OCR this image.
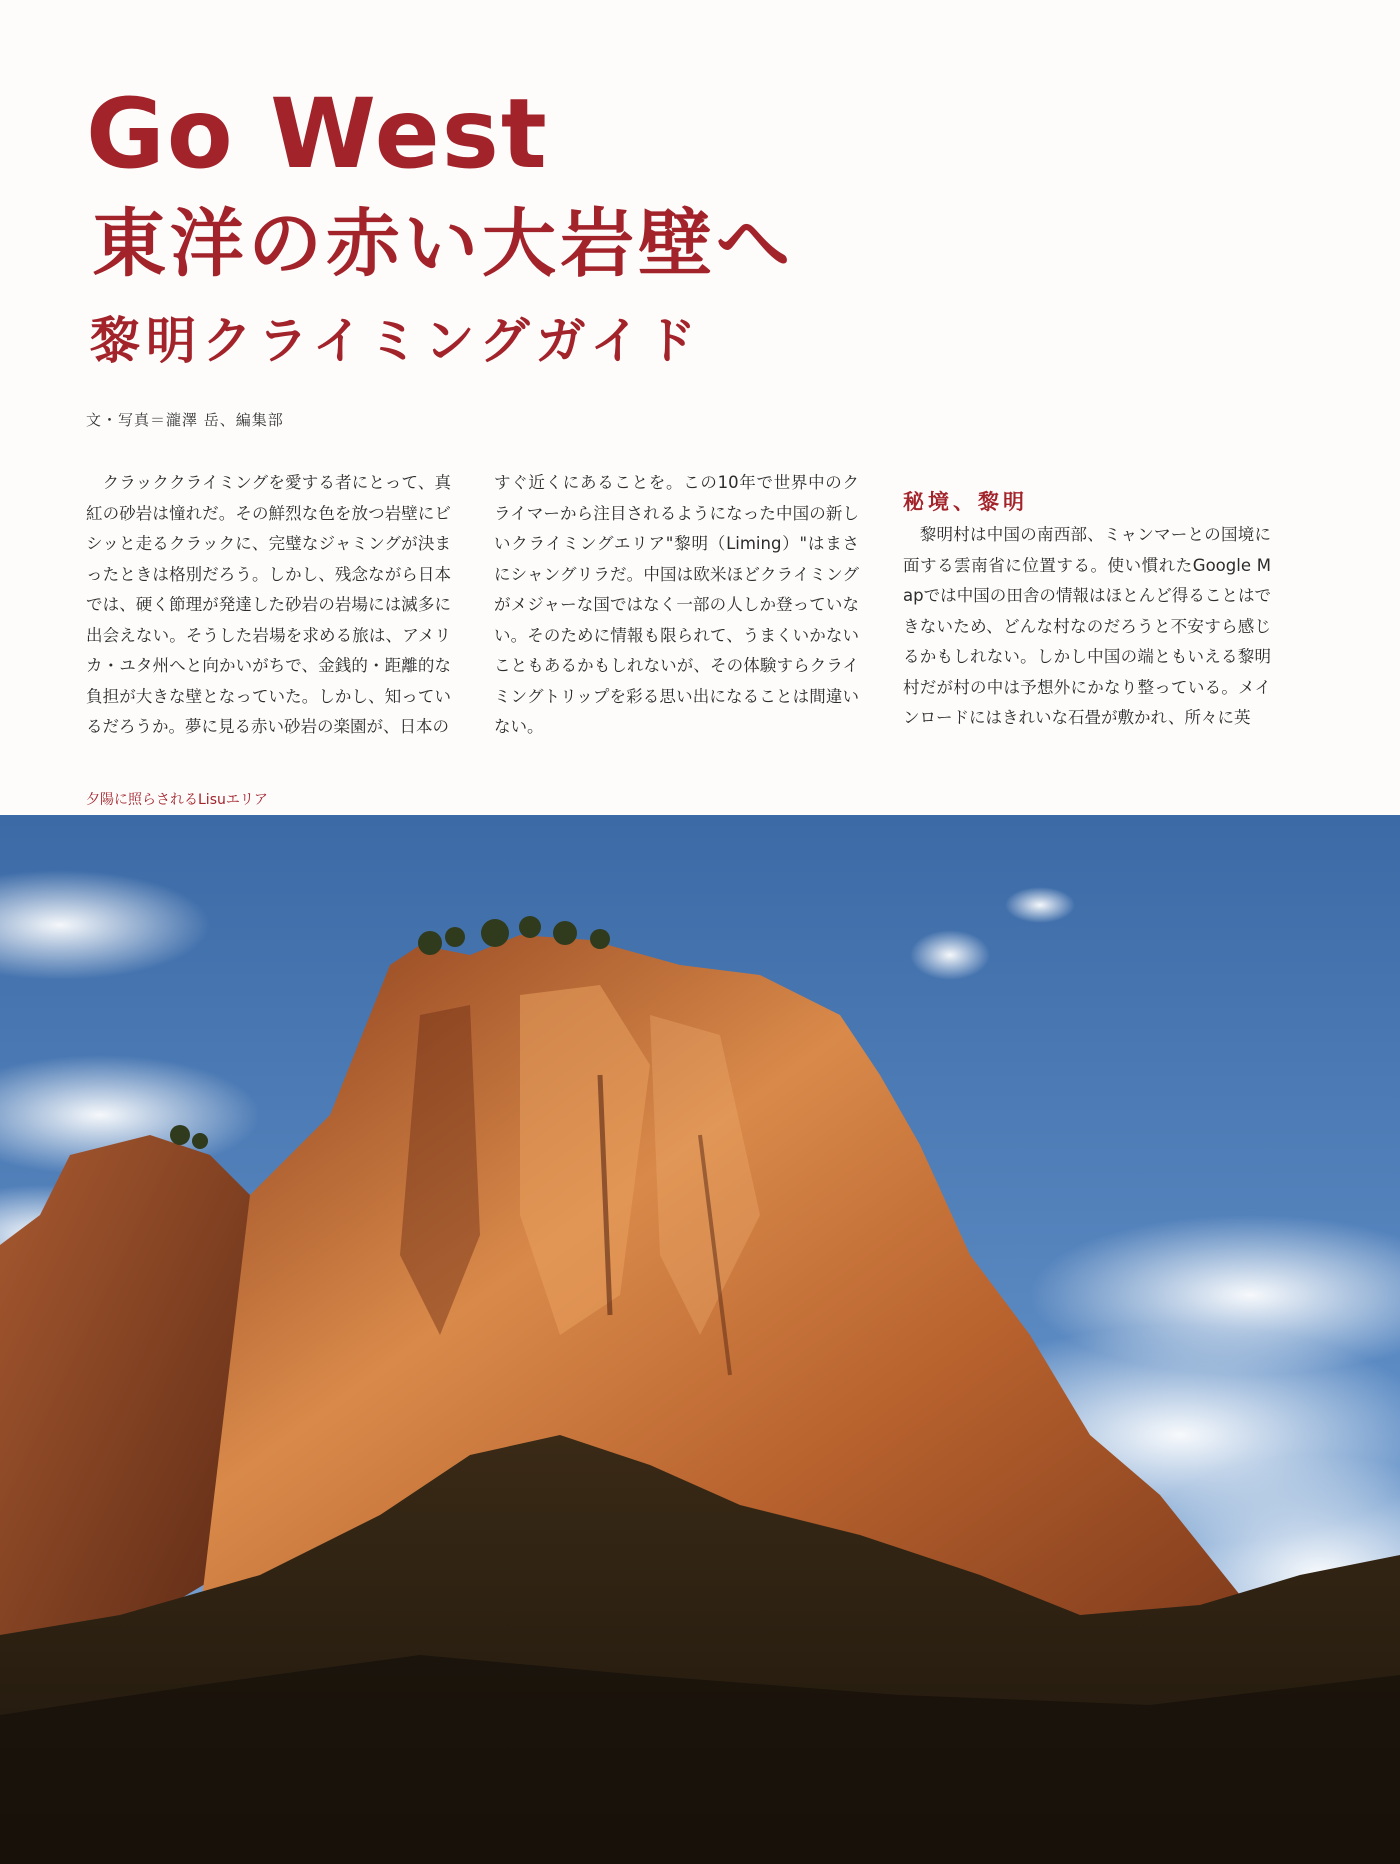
Go West
東洋の赤い大岩壁へ
黎明クライミングガイド
文・写真＝瀧澤 岳、編集部

　クラッククライミングを愛する者にとって、真紅の砂岩は憧れだ。その鮮烈な色を放つ岩壁にビシッと走るクラックに、完璧なジャミングが決まったときは格別だろう。しかし、残念ながら日本では、硬く節理が発達した砂岩の岩場には滅多に出会えない。そうした岩場を求める旅は、アメリカ・ユタ州へと向かいがちで、金銭的・距離的な負担が大きな壁となっていた。しかし、知っているだろうか。夢に見る赤い砂岩の楽園が、日本の

すぐ近くにあることを。この10年で世界中のクライマーから注目されるようになった中国の新しいクライミングエリア"黎明（Liming）"はまさにシャングリラだ。中国は欧米ほどクライミングがメジャーな国ではなく一部の人しか登っていない。そのために情報も限られて、うまくいかないこともあるかもしれないが、その体験すらクライミングトリップを彩る思い出になることは間違いない。

秘境、黎明

　黎明村は中国の南西部、ミャンマーとの国境に面する雲南省に位置する。使い慣れたGoogle Mapでは中国の田舎の情報はほとんど得ることはできないため、どんな村なのだろうと不安すら感じるかもしれない。しかし中国の端ともいえる黎明村だが村の中は予想外にかなり整っている。メインロードにはきれいな石畳が敷かれ、所々に英

夕陽に照らされるLisuエリア
